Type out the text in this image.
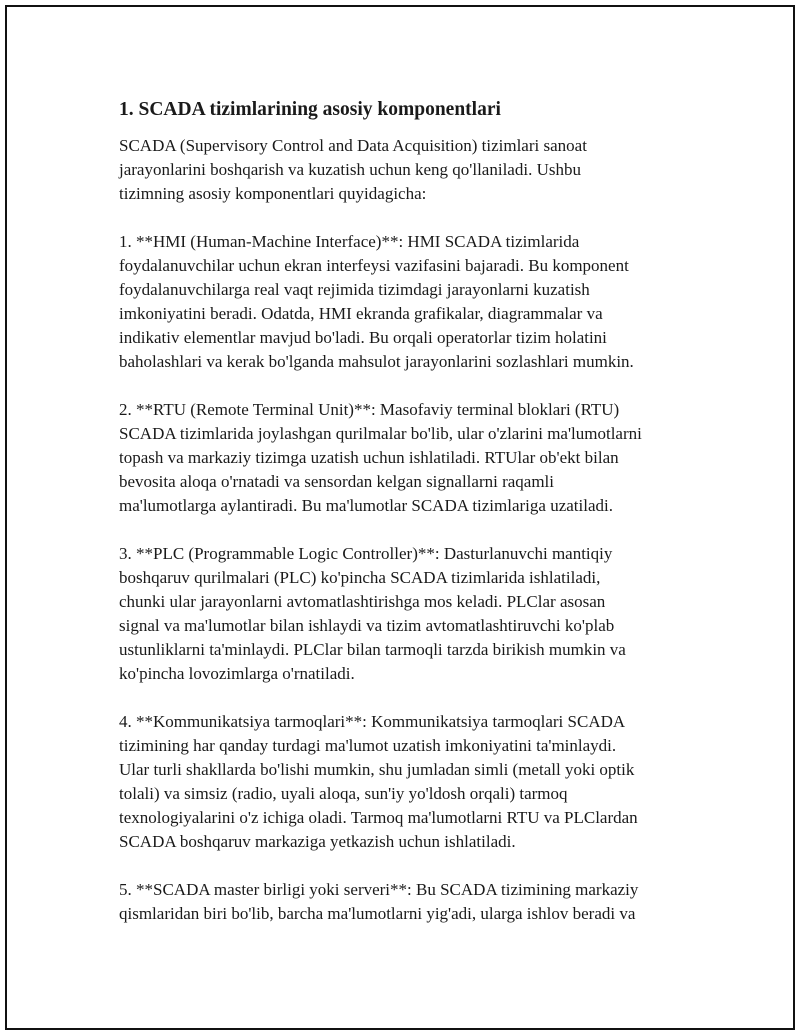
1. SCADA tizimlarining asosiy komponentlari

SCADA (Supervisory Control and Data Acquisition) tizimlari sanoat
jarayonlarini boshqarish va kuzatish uchun keng qo'llaniladi. Ushbu
tizimning asosiy komponentlari quyidagicha:

1. **HMI (Human-Machine Interface)**: HMI SCADA tizimlarida
foydalanuvchilar uchun ekran interfeysi vazifasini bajaradi. Bu komponent
foydalanuvchilarga real vaqt rejimida tizimdagi jarayonlarni kuzatish
imkoniyatini beradi. Odatda, HMI ekranda grafikalar, diagrammalar va
indikativ elementlar mavjud bo'ladi. Bu orqali operatorlar tizim holatini
baholashlari va kerak bo'lganda mahsulot jarayonlarini sozlashlari mumkin.

2. **RTU (Remote Terminal Unit)**: Masofaviy terminal bloklari (RTU)
SCADA tizimlarida joylashgan qurilmalar bo'lib, ular o'zlarini ma'lumotlarni
topash va markaziy tizimga uzatish uchun ishlatiladi. RTUlar ob'ekt bilan
bevosita aloqa o'rnatadi va sensordan kelgan signallarni raqamli
ma'lumotlarga aylantiradi. Bu ma'lumotlar SCADA tizimlariga uzatiladi.

3. **PLC (Programmable Logic Controller)**: Dasturlanuvchi mantiqiy
boshqaruv qurilmalari (PLC) ko'pincha SCADA tizimlarida ishlatiladi,
chunki ular jarayonlarni avtomatlashtirishga mos keladi. PLClar asosan
signal va ma'lumotlar bilan ishlaydi va tizim avtomatlashtiruvchi ko'plab
ustunliklarni ta'minlaydi. PLClar bilan tarmoqli tarzda birikish mumkin va
ko'pincha lovozimlarga o'rnatiladi.

4. **Kommunikatsiya tarmoqlari**: Kommunikatsiya tarmoqlari SCADA
tizimining har qanday turdagi ma'lumot uzatish imkoniyatini ta'minlaydi.
Ular turli shakllarda bo'lishi mumkin, shu jumladan simli (metall yoki optik
tolali) va simsiz (radio, uyali aloqa, sun'iy yo'ldosh orqali) tarmoq
texnologiyalarini o'z ichiga oladi. Tarmoq ma'lumotlarni RTU va PLClardan
SCADA boshqaruv markaziga yetkazish uchun ishlatiladi.

5. **SCADA master birligi yoki serveri**: Bu SCADA tizimining markaziy
qismlaridan biri bo'lib, barcha ma'lumotlarni yig'adi, ularga ishlov beradi va
